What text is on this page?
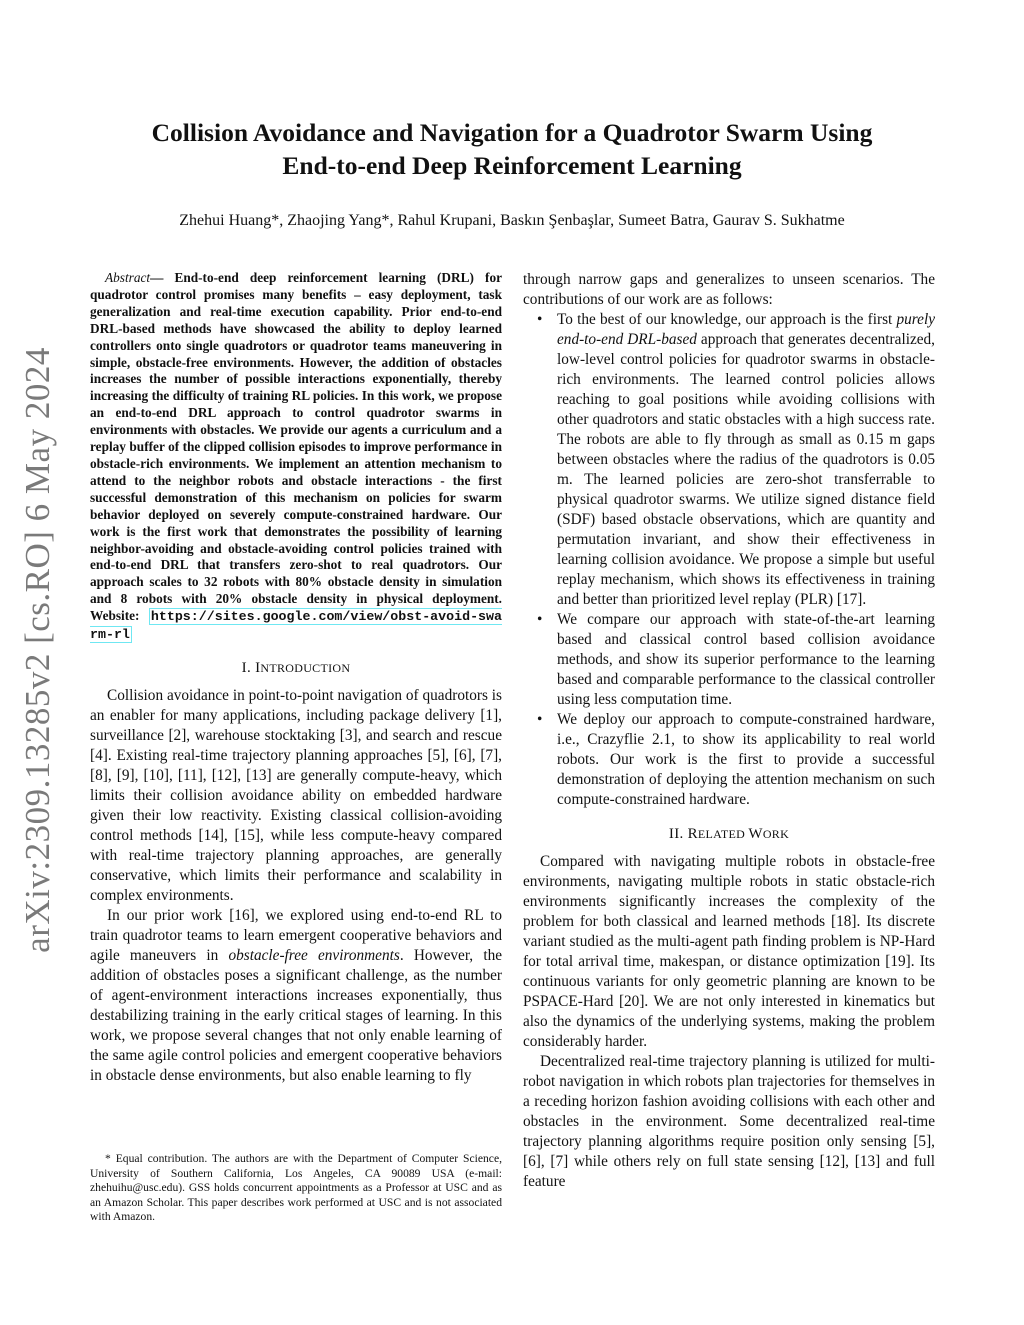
arXiv:2309.13285v2 [cs.RO] 6 May 2024
Collision Avoidance and Navigation for a Quadrotor Swarm Using
End-to-end Deep Reinforcement Learning
Zhehui Huang*, Zhaojing Yang*, Rahul Krupani, Baskın Şenbaşlar, Sumeet Batra, Gaurav S. Sukhatme

Abstract— End-to-end deep reinforcement learning (DRL) for quadrotor control promises many benefits – easy deployment, task generalization and real-time execution capability. Prior end-to-end DRL-based methods have showcased the ability to deploy learned controllers onto single quadrotors or quadrotor teams maneuvering in simple, obstacle-free environments. However, the addition of obstacles increases the number of possible interactions exponentially, thereby increasing the difficulty of training RL policies. In this work, we propose an end-to-end DRL approach to control quadrotor swarms in environments with obstacles. We provide our agents a curriculum and a replay buffer of the clipped collision episodes to improve performance in obstacle-rich environments. We implement an attention mechanism to attend to the neighbor robots and obstacle interactions - the first successful demonstration of this mechanism on policies for swarm behavior deployed on severely compute-constrained hardware. Our work is the first work that demonstrates the possibility of learning neighbor-avoiding and obstacle-avoiding control policies trained with end-to-end DRL that transfers zero-shot to real quadrotors. Our approach scales to 32 robots with 80% obstacle density in simulation and 8 robots with 20% obstacle density in physical deployment. Website: https://sites.google.com/view/obst-avoid-swarm-rl

I. INTRODUCTION

Collision avoidance in point-to-point navigation of quadrotors is an enabler for many applications, including package delivery [1], surveillance [2], warehouse stocktaking [3], and search and rescue [4]. Existing real-time trajectory planning approaches [5], [6], [7], [8], [9], [10], [11], [12], [13] are generally compute-heavy, which limits their collision avoidance ability on embedded hardware given their low reactivity. Existing classical collision-avoiding control methods [14], [15], while less compute-heavy compared with real-time trajectory planning approaches, are generally conservative, which limits their performance and scalability in complex environments.

In our prior work [16], we explored using end-to-end RL to train quadrotor teams to learn emergent cooperative behaviors and agile maneuvers in obstacle-free environments. However, the addition of obstacles poses a significant challenge, as the number of agent-environment interactions increases exponentially, thus destabilizing training in the early critical stages of learning. In this work, we propose several changes that not only enable learning of the same agile control policies and emergent cooperative behaviors in obstacle dense environments, but also enable learning to fly

* Equal contribution. The authors are with the Department of Computer Science, University of Southern California, Los Angeles, CA 90089 USA (e-mail: zhehuihu@usc.edu). GSS holds concurrent appointments as a Professor at USC and as an Amazon Scholar. This paper describes work performed at USC and is not associated with Amazon.

through narrow gaps and generalizes to unseen scenarios. The contributions of our work are as follows:

• To the best of our knowledge, our approach is the first purely end-to-end DRL-based approach that generates decentralized, low-level control policies for quadrotor swarms in obstacle-rich environments. The learned control policies allows reaching to goal positions while avoiding collisions with other quadrotors and static obstacles with a high success rate. The robots are able to fly through as small as 0.15 m gaps between obstacles where the radius of the quadrotors is 0.05 m. The learned policies are zero-shot transferrable to physical quadrotor swarms. We utilize signed distance field (SDF) based obstacle observations, which are quantity and permutation invariant, and show their effectiveness in learning collision avoidance. We propose a simple but useful replay mechanism, which shows its effectiveness in training and better than prioritized level replay (PLR) [17].
• We compare our approach with state-of-the-art learning based and classical control based collision avoidance methods, and show its superior performance to the learning based and comparable performance to the classical controller using less computation time.
• We deploy our approach to compute-constrained hardware, i.e., Crazyflie 2.1, to show its applicability to real world robots. Our work is the first to provide a successful demonstration of deploying the attention mechanism on such compute-constrained hardware.
II. RELATED WORK

Compared with navigating multiple robots in obstacle-free environments, navigating multiple robots in static obstacle-rich environments significantly increases the complexity of the problem for both classical and learned methods [18]. Its discrete variant studied as the multi-agent path finding problem is NP-Hard for total arrival time, makespan, or distance optimization [19]. Its continuous variants for only geometric planning are known to be PSPACE-Hard [20]. We are not only interested in kinematics but also the dynamics of the underlying systems, making the problem considerably harder.

Decentralized real-time trajectory planning is utilized for multi-robot navigation in which robots plan trajectories for themselves in a receding horizon fashion avoiding collisions with each other and obstacles in the environment. Some decentralized real-time trajectory planning algorithms require position only sensing [5], [6], [7] while others rely on full state sensing [12], [13] and full feature
